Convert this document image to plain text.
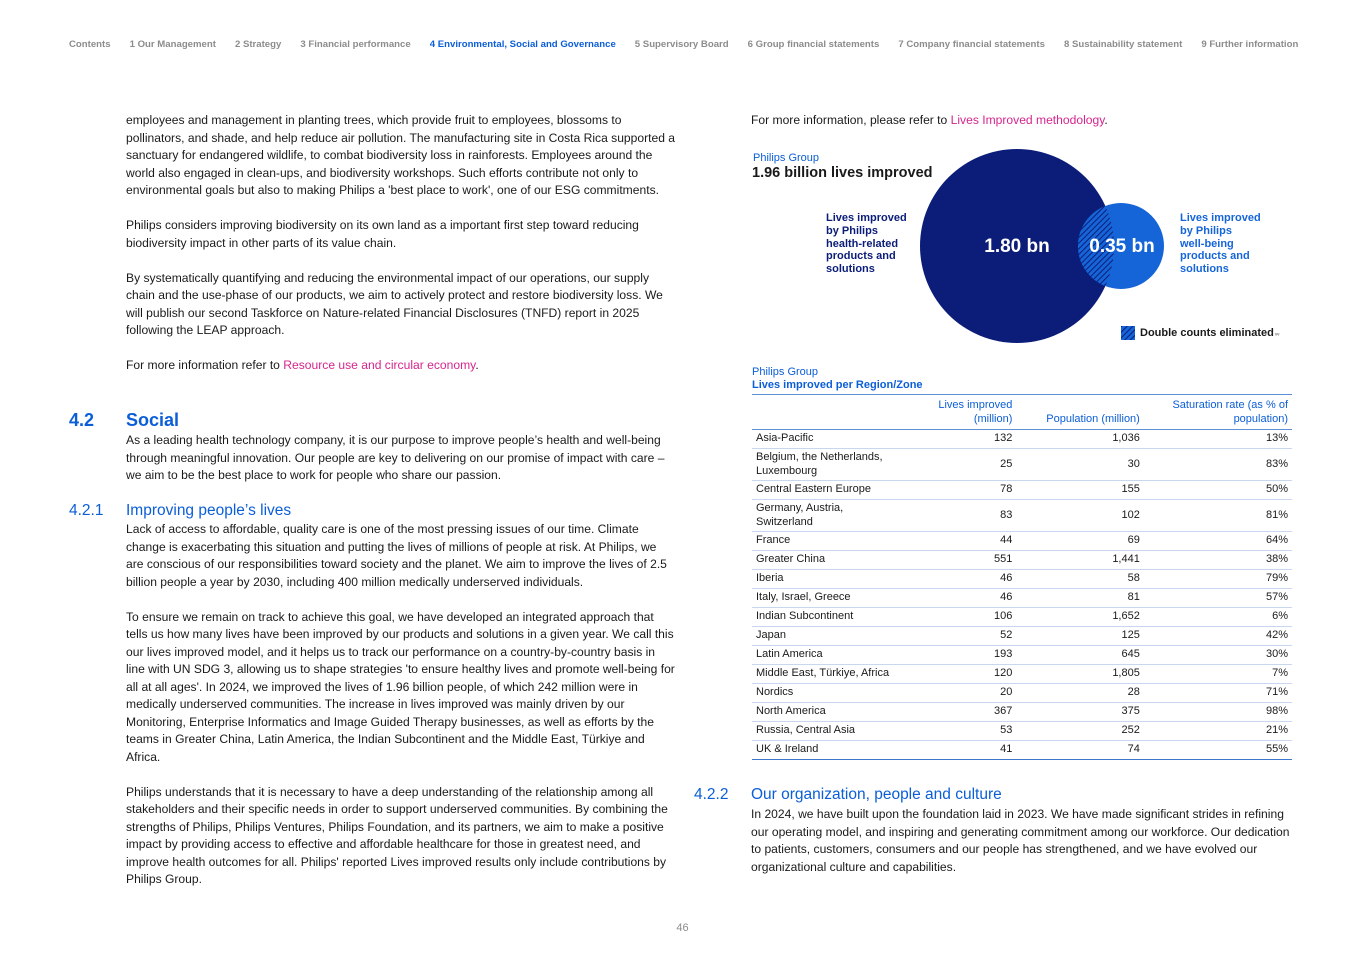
Contents 1 Our Management 2 Strategy 3 Financial performance 4 Environmental, Social and Governance 5 Supervisory Board 6 Group financial statements 7 Company financial statements 8 Sustainability statement 9 Further information

employees and management in planting trees, which provide fruit to employees, blossoms to pollinators, and shade, and help reduce air pollution. The manufacturing site in Costa Rica supported a sanctuary for endangered wildlife, to combat biodiversity loss in rainforests. Employees around the world also engaged in clean-ups, and biodiversity workshops. Such efforts contribute not only to environmental goals but also to making Philips a 'best place to work', one of our ESG commitments.

Philips considers improving biodiversity on its own land as a important first step toward reducing biodiversity impact in other parts of its value chain.

By systematically quantifying and reducing the environmental impact of our operations, our supply chain and the use-phase of our products, we aim to actively protect and restore biodiversity loss. We will publish our second Taskforce on Nature-related Financial Disclosures (TNFD) report in 2025 following the LEAP approach.

For more information refer to Resource use and circular economy.

4.2 Social

As a leading health technology company, it is our purpose to improve people’s health and well-being through meaningful innovation. Our people are key to delivering on our promise of impact with care – we aim to be the best place to work for people who share our passion.

4.2.1 Improving people’s lives

Lack of access to affordable, quality care is one of the most pressing issues of our time. Climate change is exacerbating this situation and putting the lives of millions of people at risk. At Philips, we are conscious of our responsibilities toward society and the planet. We aim to improve the lives of 2.5 billion people a year by 2030, including 400 million medically underserved individuals.

To ensure we remain on track to achieve this goal, we have developed an integrated approach that tells us how many lives have been improved by our products and solutions in a given year. We call this our lives improved model, and it helps us to track our performance on a country-by-country basis in line with UN SDG 3, allowing us to shape strategies 'to ensure healthy lives and promote well-being for all at all ages'. In 2024, we improved the lives of 1.96 billion people, of which 242 million were in medically underserved communities. The increase in lives improved was mainly driven by our Monitoring, Enterprise Informatics and Image Guided Therapy businesses, as well as efforts by the teams in Greater China, Latin America, the Indian Subcontinent and the Middle East, Türkiye and Africa.

Philips understands that it is necessary to have a deep understanding of the relationship among all stakeholders and their specific needs in order to support underserved communities. By combining the strengths of Philips, Philips Ventures, Philips Foundation, and its partners, we aim to make a positive impact by providing access to effective and affordable healthcare for those in greatest need, and improve health outcomes for all. Philips' reported Lives improved results only include contributions by Philips Group.

For more information, please refer to Lives Improved methodology.

Philips Group
1.96 billion lives improved
1.80 bn 0.35 bn
Lives improved
by Philips
health-related
products and
solutions
Lives improved
by Philips
well-being
products and
solutions
Double counts eliminated ᵥᵥ
Philips Group
Lives improved per Region/Zone
	Lives improved (million)	Population (million)	Saturation rate (as % of population)
Asia-Pacific	132	1,036	13%
Belgium, the Netherlands, Luxembourg	25	30	83%
Central Eastern Europe	78	155	50%
Germany, Austria, Switzerland	83	102	81%
France	44	69	64%
Greater China	551	1,441	38%
Iberia	46	58	79%
Italy, Israel, Greece	46	81	57%
Indian Subcontinent	106	1,652	6%
Japan	52	125	42%
Latin America	193	645	30%
Middle East, Türkiye, Africa	120	1,805	7%
Nordics	20	28	71%
North America	367	375	98%
Russia, Central Asia	53	252	21%
UK & Ireland	41	74	55%
4.2.2 Our organization, people and culture

In 2024, we have built upon the foundation laid in 2023. We have made significant strides in refining our operating model, and inspiring and generating commitment among our workforce. Our dedication to patients, customers, consumers and our people has strengthened, and we have evolved our organizational culture and capabilities.

46
